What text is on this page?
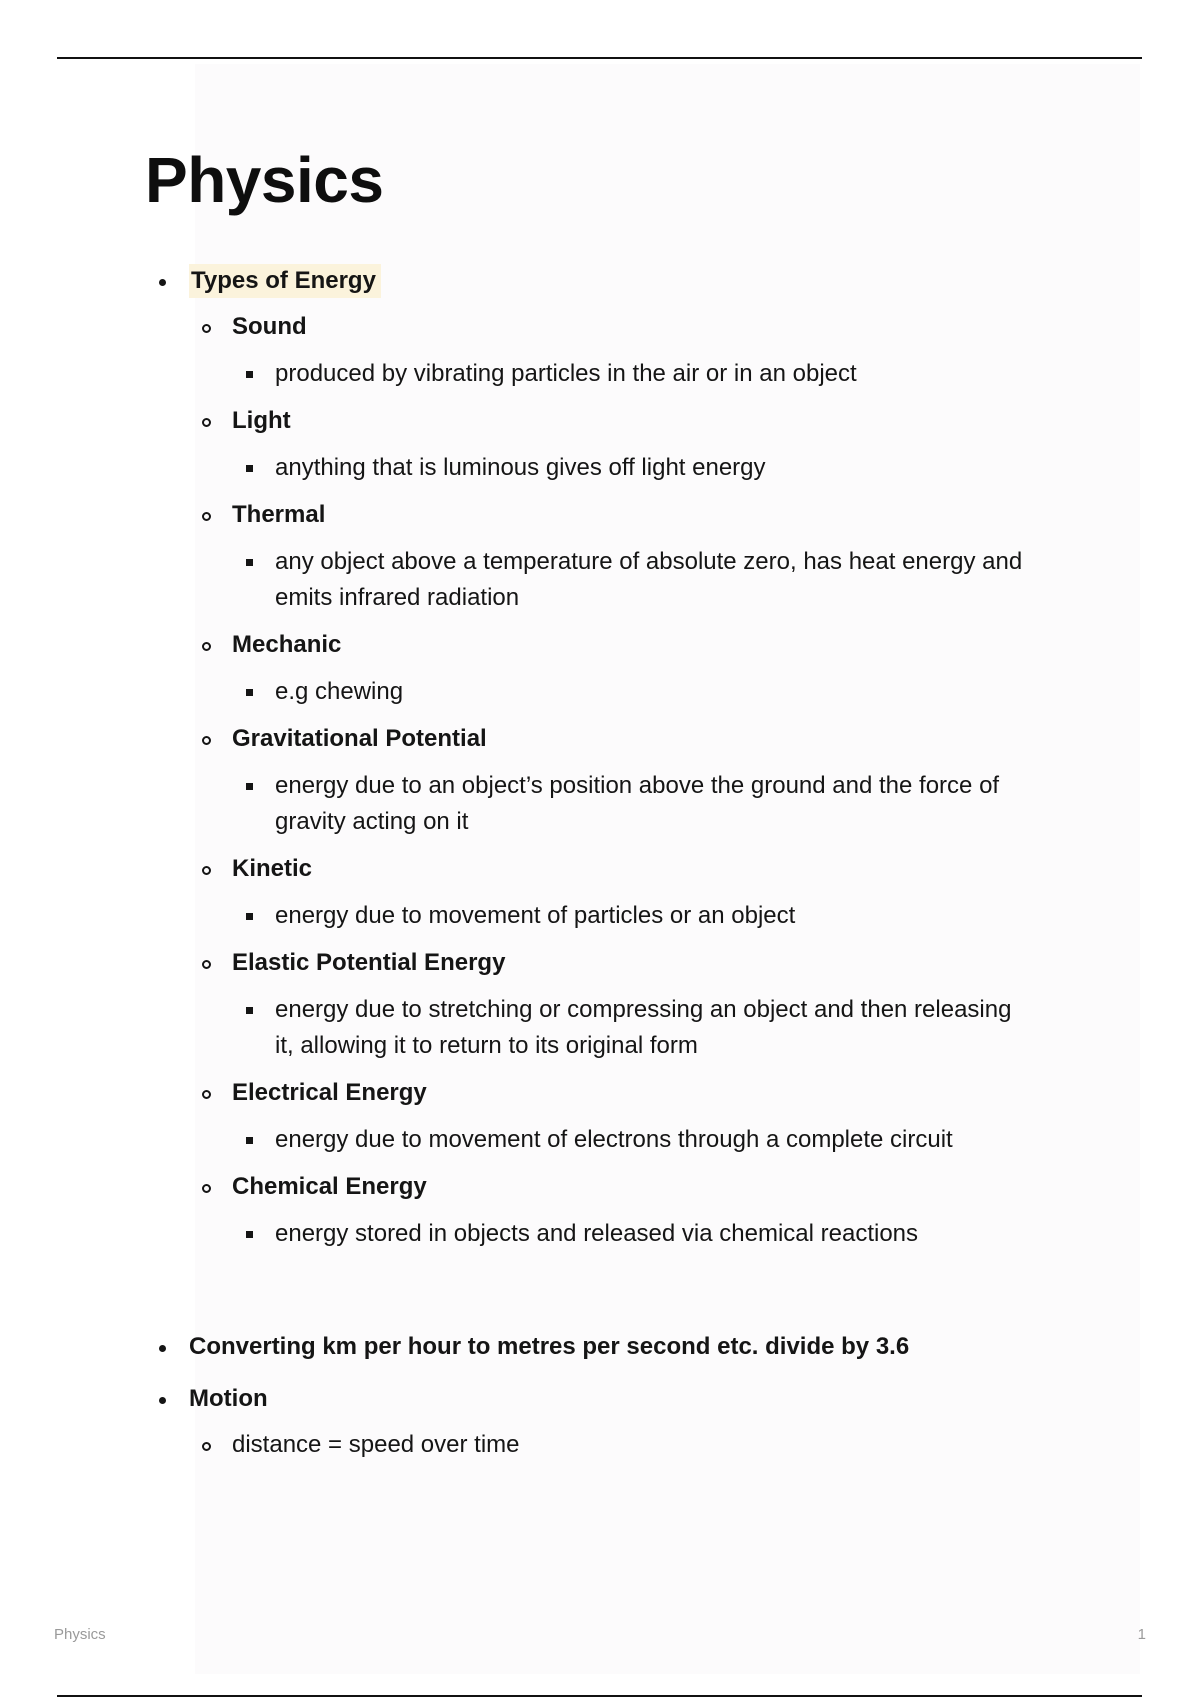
Physics
Types of Energy
Sound
produced by vibrating particles in the air or in an object
Light
anything that is luminous gives off light energy
Thermal
any object above a temperature of absolute zero, has heat energy and emits infrared radiation
Mechanic
e.g chewing
Gravitational Potential
energy due to an object’s position above the ground and the force of gravity acting on it
Kinetic
energy due to movement of particles or an object
Elastic Potential Energy
energy due to stretching or compressing an object and then releasing it, allowing it to return to its original form
Electrical Energy
energy due to movement of electrons through a complete circuit
Chemical Energy
energy stored in objects and released via chemical reactions
Converting km per hour to metres per second etc. divide by 3.6
Motion
distance = speed over time
Physics	1
